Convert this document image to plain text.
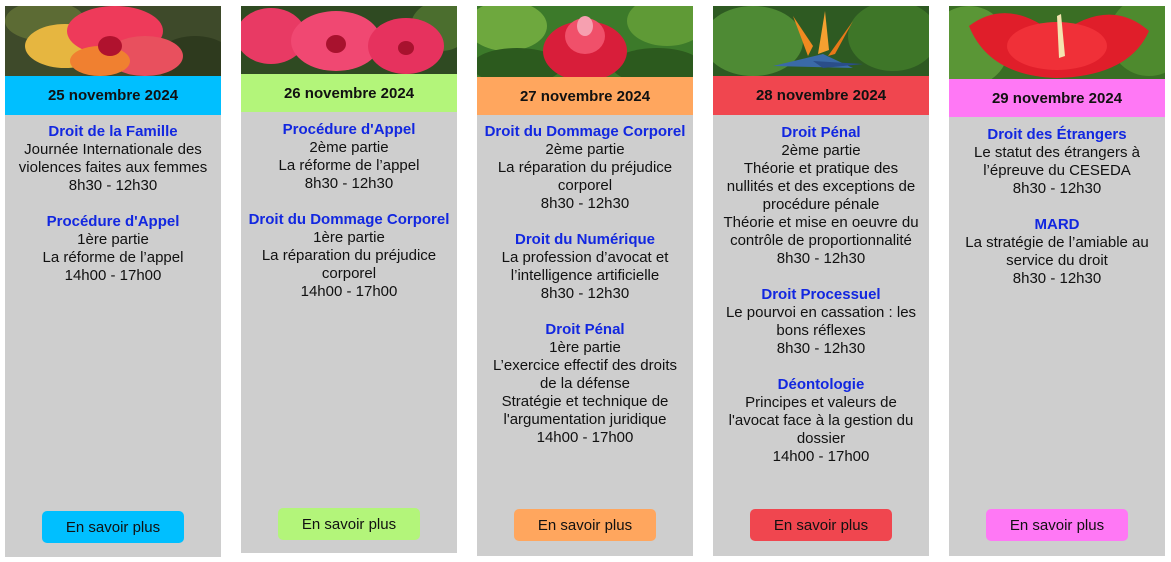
25 novembre 2024
Droit de la Famille
Journée Internationale des violences faites aux femmes
8h30 - 12h30
Procédure d'Appel
1ère partie
La réforme de l’appel
14h00 - 17h00
En savoir plus
26 novembre 2024
Procédure d'Appel
2ème partie
La réforme de l’appel
8h30 - 12h30
Droit du Dommage Corporel
1ère partie
La réparation du préjudice corporel
14h00 - 17h00
En savoir plus
27 novembre 2024
Droit du Dommage Corporel
2ème partie
La réparation du préjudice corporel
8h30 - 12h30
Droit du Numérique
La profession d’avocat et l’intelligence artificielle
8h30 - 12h30
Droit Pénal
1ère partie
L’exercice effectif des droits de la défense
Stratégie et technique de l'argumentation juridique
14h00 - 17h00
En savoir plus
28 novembre 2024
Droit Pénal
2ème partie
Théorie et pratique des nullités et des exceptions de procédure pénale
Théorie et mise en oeuvre du contrôle de proportionnalité
8h30 - 12h30
Droit Processuel
Le pourvoi en cassation : les bons réflexes
8h30 - 12h30
Déontologie
Principes et valeurs de l'avocat face à la gestion du dossier
14h00 - 17h00
En savoir plus
29 novembre 2024
Droit des Étrangers
Le statut des étrangers à l’épreuve du CESEDA
8h30 - 12h30
MARD
La stratégie de l’amiable au service du droit
8h30 - 12h30
En savoir plus
